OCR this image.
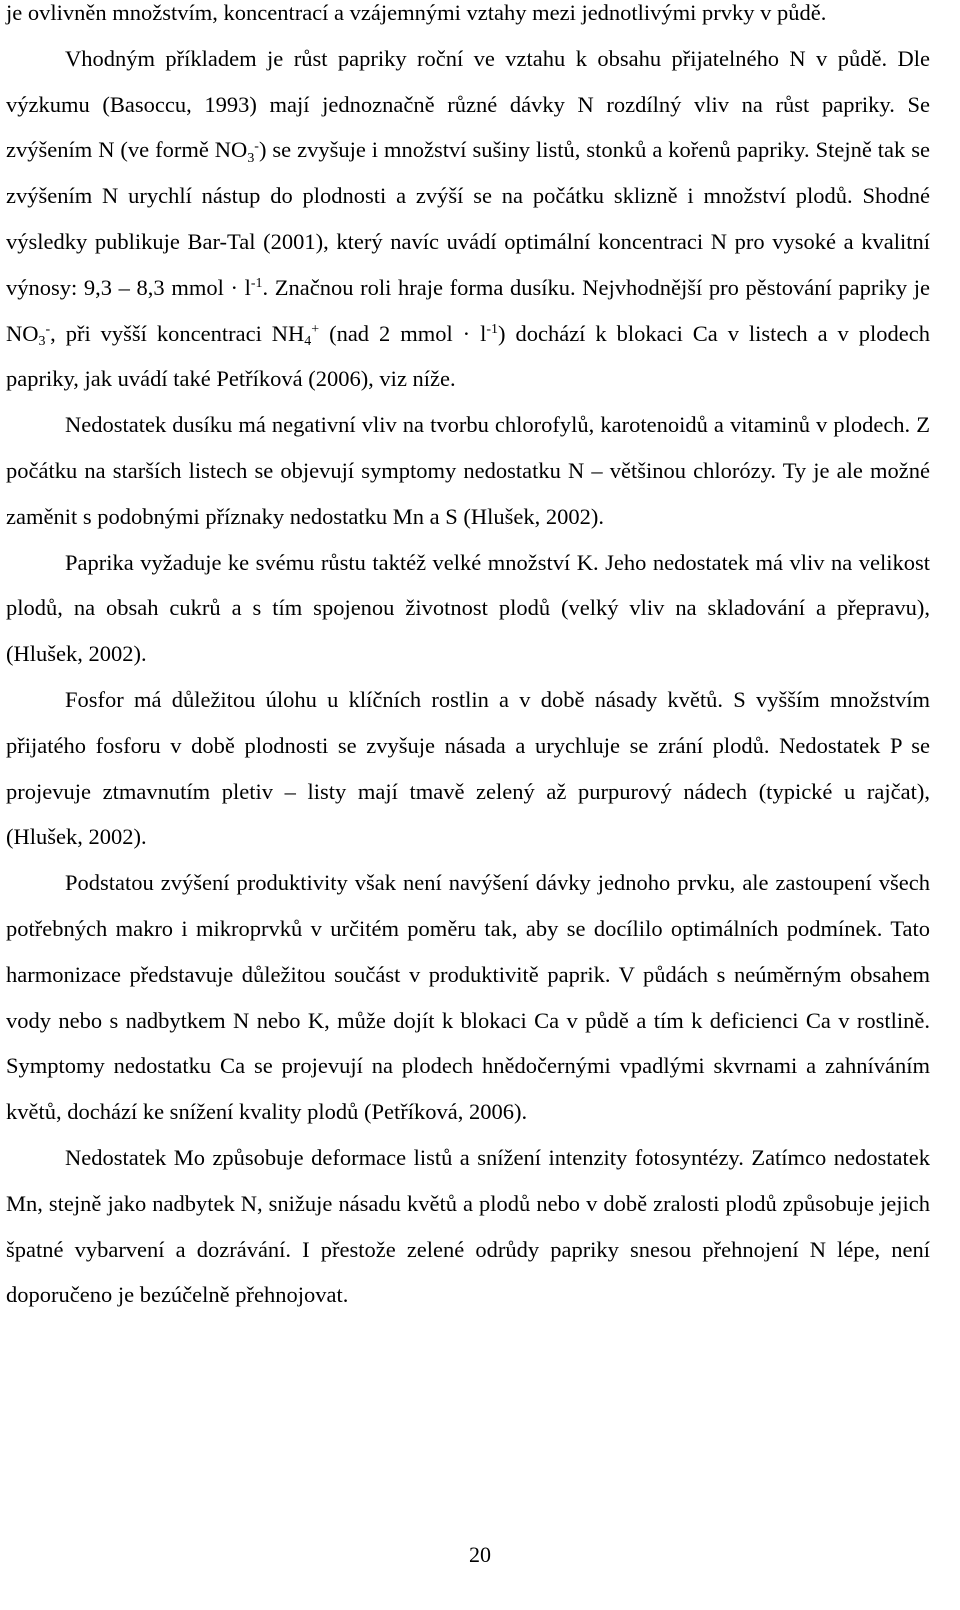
je ovlivněn množstvím, koncentrací a vzájemnými vztahy mezi jednotlivými prvky v půdě.

Vhodným příkladem je růst papriky roční ve vztahu k obsahu přijatelného N v půdě. Dle výzkumu (Basoccu, 1993) mají jednoznačně různé dávky N rozdílný vliv na růst papriky. Se zvýšením N (ve formě $NO_3^-$) se zvyšuje i množství sušiny listů, stonků a kořenů papriky. Stejně tak se zvýšením N urychlí nástup do plodnosti a zvýší se na počátku sklizně i množství plodů. Shodné výsledky publikuje Bar-Tal (2001), který navíc uvádí optimální koncentraci N pro vysoké a kvalitní výnosy: 9,3 – 8,3 mmol · $l^{-1}$. Značnou roli hraje forma dusíku. Nejvhodnější pro pěstování papriky je $NO_3^-$, při vyšší koncentraci $NH_4^+$ (nad 2 mmol · $l^{-1}$) dochází k blokaci Ca v listech a v plodech papriky, jak uvádí také Petříková (2006), viz níže.

Nedostatek dusíku má negativní vliv na tvorbu chlorofylů, karotenoidů a vitaminů v plodech. Z počátku na starších listech se objevují symptomy nedostatku N – většinou chlorózy. Ty je ale možné zaměnit s podobnými příznaky nedostatku Mn a S (Hlušek, 2002).

Paprika vyžaduje ke svému růstu taktéž velké množství K. Jeho nedostatek má vliv na velikost plodů, na obsah cukrů a s tím spojenou životnost plodů (velký vliv na skladování a přepravu), (Hlušek, 2002).

Fosfor má důležitou úlohu u klíčních rostlin a v době násady květů. S vyšším množstvím přijatého fosforu v době plodnosti se zvyšuje násada a urychluje se zrání plodů. Nedostatek P se projevuje ztmavnutím pletiv – listy mají tmavě zelený až purpurový nádech (typické u rajčat), (Hlušek, 2002).

Podstatou zvýšení produktivity však není navýšení dávky jednoho prvku, ale zastoupení všech potřebných makro i mikroprvků v určitém poměru tak, aby se docílilo optimálních podmínek. Tato harmonizace představuje důležitou součást v produktivitě paprik. V půdách s neúměrným obsahem vody nebo s nadbytkem N nebo K, může dojít k blokaci Ca v půdě a tím k deficienci Ca v rostlině. Symptomy nedostatku Ca se projevují na plodech hnědočernými vpadlými skvrnami a zahníváním květů, dochází ke snížení kvality plodů (Petříková, 2006).

Nedostatek Mo způsobuje deformace listů a snížení intenzity fotosyntézy. Zatímco nedostatek Mn, stejně jako nadbytek N, snižuje násadu květů a plodů nebo v době zralosti plodů způsobuje jejich špatné vybarvení a dozrávání. I přestože zelené odrůdy papriky snesou přehnojení N lépe, není doporučeno je bezúčelně přehnojovat.

20
